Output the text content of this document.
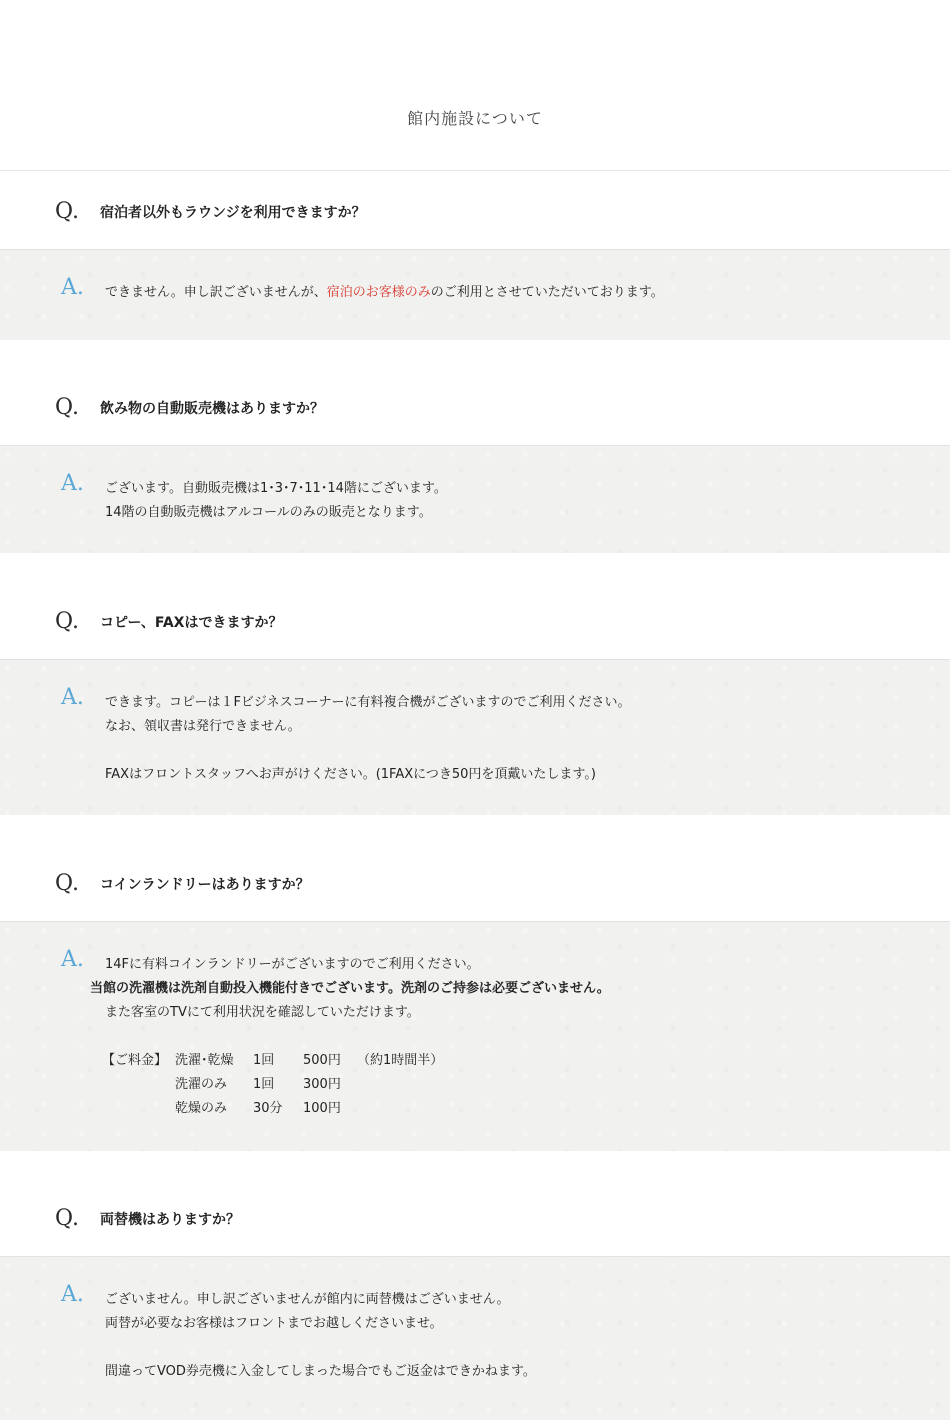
館内施設について
Q. 宿泊者以外もラウンジを利用できますか？
A. できません。申し訳ございませんが、宿泊のお客様のみのご利用とさせていただいております。
Q. 飲み物の自動販売機はありますか？
A. ございます。自動販売機は1･3･7･11･14階にございます。
14階の自動販売機はアルコールのみの販売となります。
Q. コピー、FAXはできますか？
A. できます。コピーは１Fビジネスコーナーに有料複合機がございますのでご利用ください。
なお、領収書は発行できません。
FAXはフロントスタッフへお声がけください。(1FAXにつき50円を頂戴いたします。)
Q. コインランドリーはありますか？
A. 14Fに有料コインランドリーがございますのでご利用ください。
当館の洗濯機は洗剤自動投入機能付きでございます。洗剤のご持参は必要ございません。
また客室のTVにて利用状況を確認していただけます。
【ご料金】 洗濯･乾燥 1回 500円 （約1時間半）
洗濯のみ 1回 300円
乾燥のみ 30分 100円
Q. 両替機はありますか？
A. ございません。申し訳ございませんが館内に両替機はございません。
両替が必要なお客様はフロントまでお越しくださいませ。
間違ってVOD券売機に入金してしまった場合でもご返金はできかねます。
